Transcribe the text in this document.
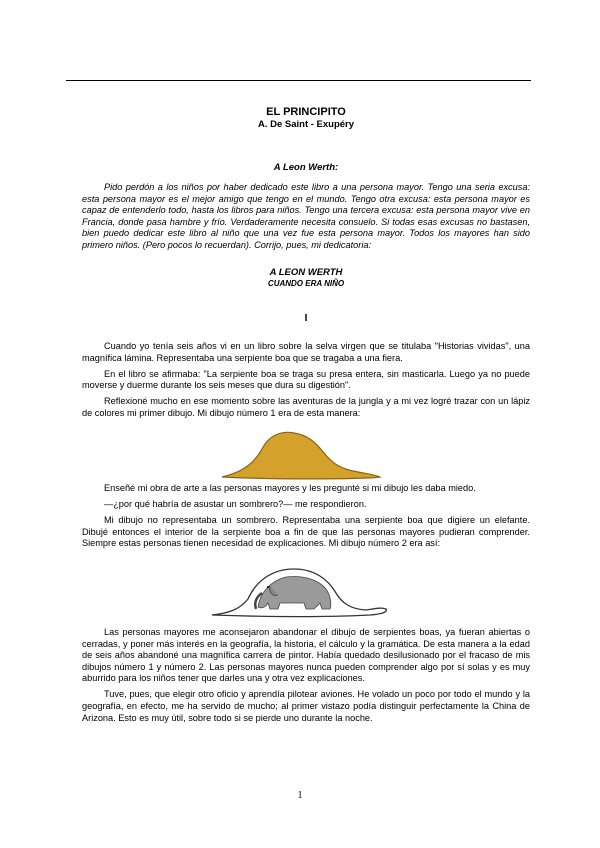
EL PRINCIPITO
A. De Saint - Exupéry
A Leon Werth:
Pido perdón a los niños por haber dedicado este libro a una persona mayor. Tengo una seria excusa: esta persona mayor es el mejor amigo que tengo en el mundo. Tengo otra excusa: esta persona mayor es capaz de entenderlo todo, hasta los libros para niños. Tengo una tercera excusa: esta persona mayor vive en Francia, donde pasa hambre y frío. Verdaderamente necesita consuelo. Si todas esas excusas no bastasen, bien puedo dedicar este libro al niño que una vez fue esta persona mayor. Todos los mayores han sido primero niños. (Pero pocos lo recuerdan). Corrijo, pues, mi dedicatoria:
A LEON WERTH
CUANDO ERA NIÑO
I

Cuando yo tenía seis años vi en un libro sobre la selva virgen que se titulaba "Historias vividas", una magnífica lámina. Representaba una serpiente boa que se tragaba a una fiera.

En el libro se afirmaba: "La serpiente boa se traga su presa entera, sin masticarla. Luego ya no puede moverse y duerme durante los seis meses que dura su digestión".

Reflexioné mucho en ese momento sobre las aventuras de la jungla y a mi vez logré trazar con un lápiz de colores mi primer dibujo. Mi dibujo número 1 era de esta manera:

Enseñé mi obra de arte a las personas mayores y les pregunté si mi dibujo les daba miedo.

—¿por qué habría de asustar un sombrero?— me respondieron.

Mi dibujo no representaba un sombrero. Representaba una serpiente boa que digiere un elefante. Dibujé entonces el interior de la serpiente boa a fin de que las personas mayores pudieran comprender. Siempre estas personas tienen necesidad de explicaciones. Mi dibujo número 2 era así:

Las personas mayores me aconsejaron abandonar el dibujo de serpientes boas, ya fueran abiertas o cerradas, y poner más interés en la geografía, la historia, el cálculo y la gramática. De esta manera a la edad de seis años abandoné una magnífica carrera de pintor. Había quedado desilusionado por el fracaso de mis dibujos número 1 y número 2. Las personas mayores nunca pueden comprender algo por sí solas y es muy aburrido para los niños tener que darles una y otra vez explicaciones.

Tuve, pues, que elegir otro oficio y aprendía pilotear aviones. He volado un poco por todo el mundo y la geografía, en efecto, me ha servido de mucho; al primer vistazo podía distinguir perfectamente la China de Arizona. Esto es muy útil, sobre todo si se pierde uno durante la noche.

1
